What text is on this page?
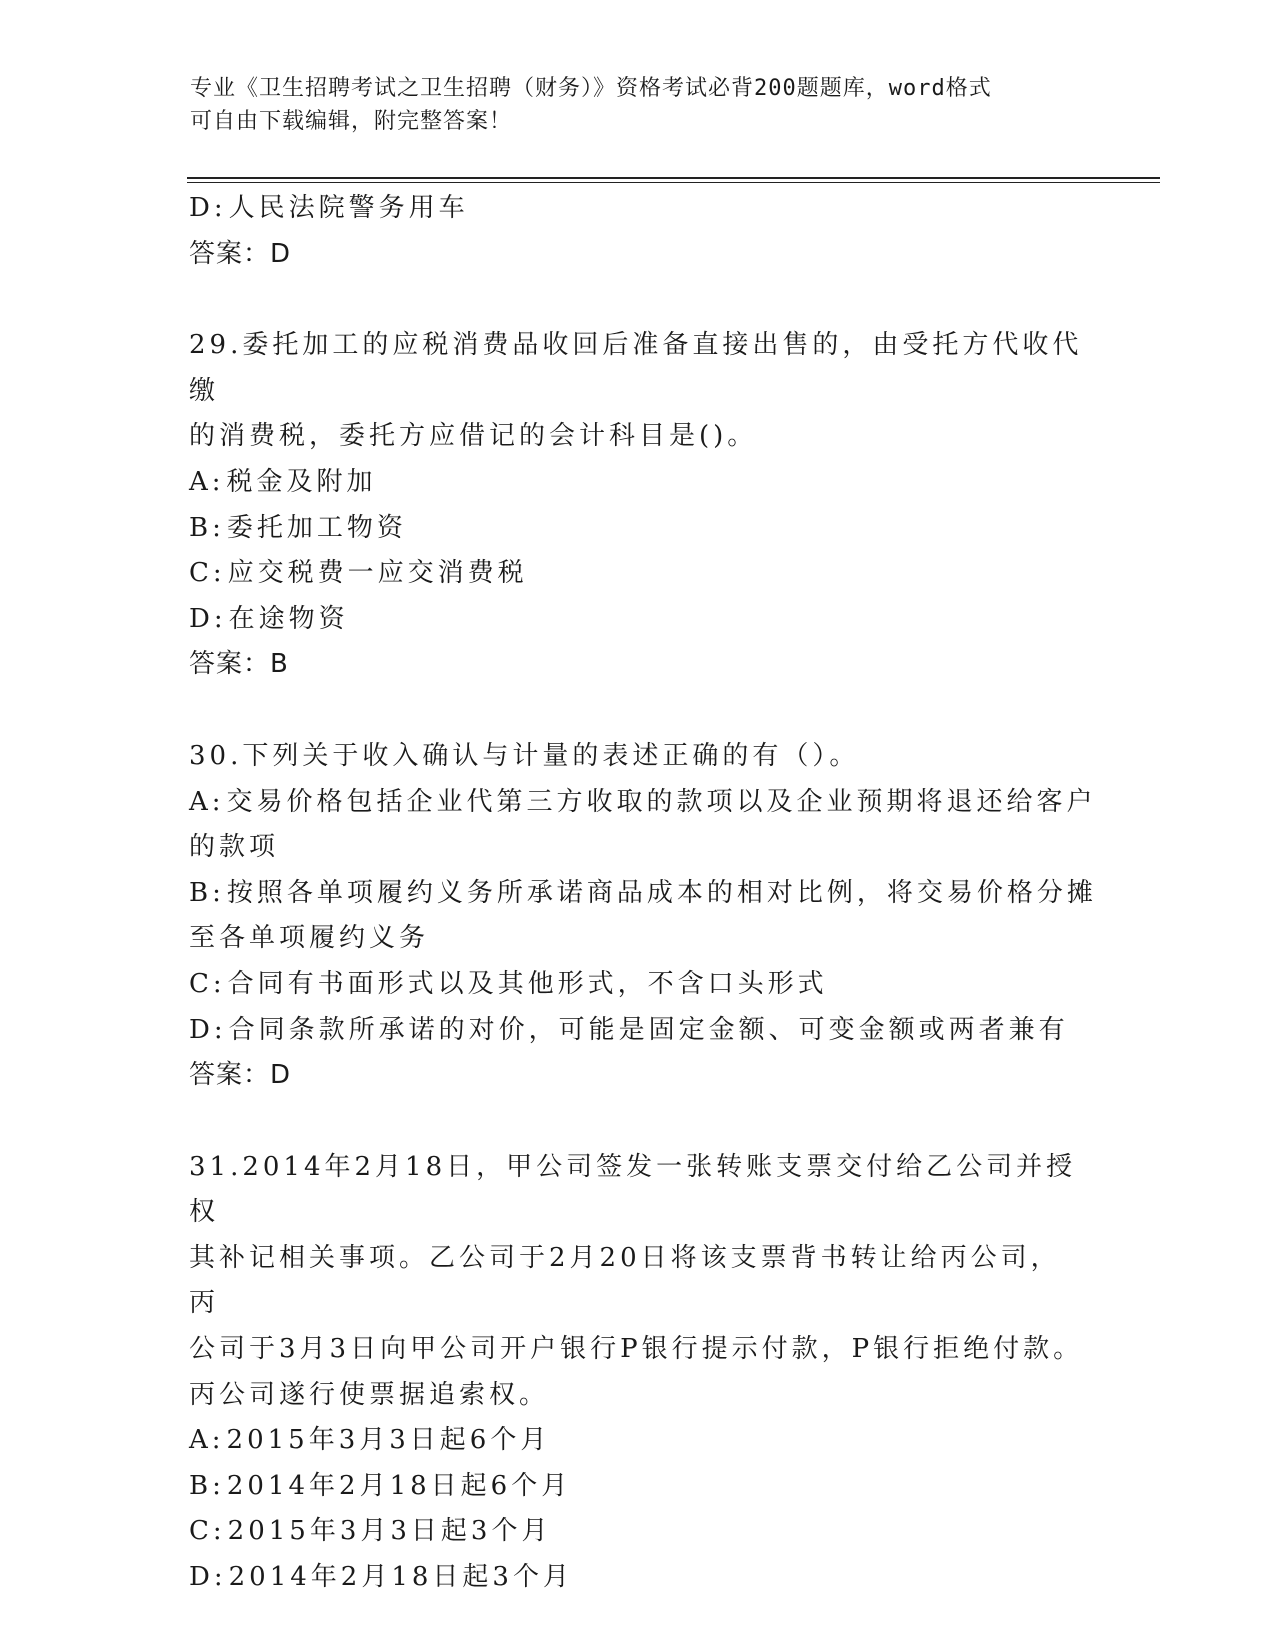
专业《卫生招聘考试之卫生招聘（财务）》资格考试必背200题题库，word格式
可自由下载编辑，附完整答案！

D:人民法院警务用车

答案：D

29.委托加工的应税消费品收回后准备直接出售的，由受托方代收代缴

的消费税，委托方应借记的会计科目是()。

A:税金及附加

B:委托加工物资

C:应交税费一应交消费税

D:在途物资

答案：B

30.下列关于收入确认与计量的表述正确的有（）。

A:交易价格包括企业代第三方收取的款项以及企业预期将退还给客户

的款项

B:按照各单项履约义务所承诺商品成本的相对比例，将交易价格分摊

至各单项履约义务

C:合同有书面形式以及其他形式，不含口头形式

D:合同条款所承诺的对价，可能是固定金额、可变金额或两者兼有

答案：D

31.2014年2月18日，甲公司签发一张转账支票交付给乙公司并授权

其补记相关事项。乙公司于2月20日将该支票背书转让给丙公司，丙

公司于3月3日向甲公司开户银行P银行提示付款，P银行拒绝付款。

丙公司遂行使票据追索权。

A:2015年3月3日起6个月

B:2014年2月18日起6个月

C:2015年3月3日起3个月

D:2014年2月18日起3个月
